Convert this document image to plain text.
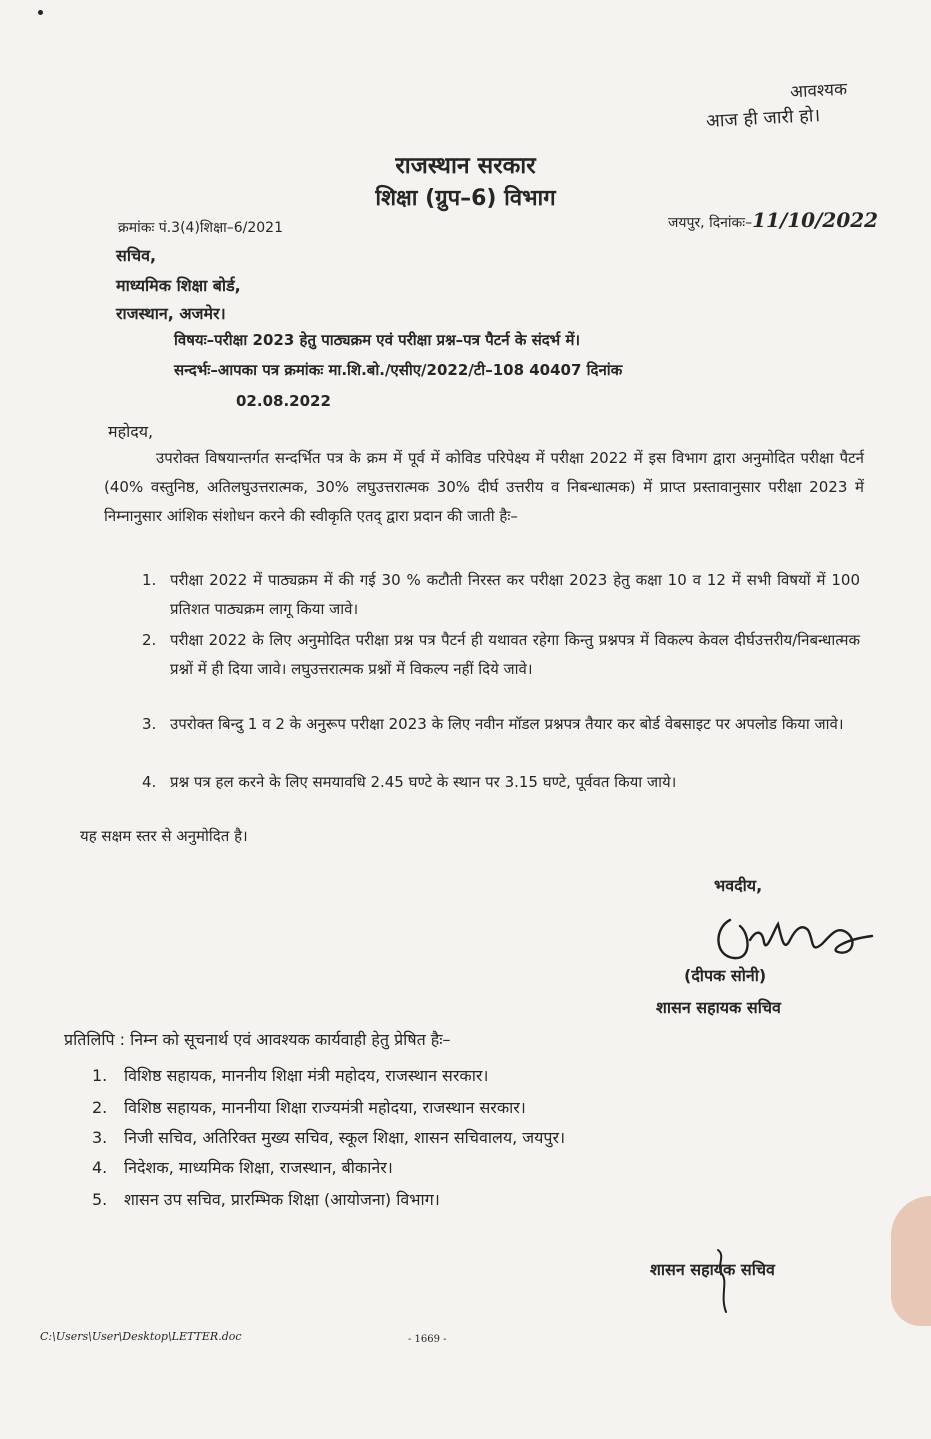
आवश्यक
आज ही जारी हो।
राजस्थान सरकार
शिक्षा (ग्रुप–6) विभाग
क्रमांकः पं.3(4)शिक्षा–6/2021	जयपुर, दिनांकः–11/10/2022
सचिव,
माध्यमिक शिक्षा बोर्ड,
राजस्थान, अजमेर।
विषयः–परीक्षा 2023 हेतु पाठ्यक्रम एवं परीक्षा प्रश्न–पत्र पैटर्न के संदर्भ में।
सन्दर्भः–आपका पत्र क्रमांकः मा.शि.बो./एसीए/2022/टी–108 40407 दिनांक
02.08.2022
महोदय,
उपरोक्त विषयान्तर्गत सन्दर्भित पत्र के क्रम में पूर्व में कोविड परिपेक्ष्य में परीक्षा 2022 में इस विभाग द्वारा अनुमोदित परीक्षा पैटर्न (40% वस्तुनिष्ठ, अतिलघुउत्तरात्मक, 30% लघुउत्तरात्मक 30% दीर्घ उत्तरीय व निबन्धात्मक) में प्राप्त प्रस्तावानुसार परीक्षा 2023 में निम्नानुसार आंशिक संशोधन करने की स्वीकृति एतद् द्वारा प्रदान की जाती हैः–
1. परीक्षा 2022 में पाठ्यक्रम में की गई 30 % कटौती निरस्त कर परीक्षा 2023 हेतु कक्षा 10 व 12 में सभी विषयों में 100 प्रतिशत पाठ्यक्रम लागू किया जावे।
2. परीक्षा 2022 के लिए अनुमोदित परीक्षा प्रश्न पत्र पैटर्न ही यथावत रहेगा किन्तु प्रश्नपत्र में विकल्प केवल दीर्घउत्तरीय/निबन्धात्मक प्रश्नों में ही दिया जावे। लघुउत्तरात्मक प्रश्नों में विकल्प नहीं दिये जावे।
3. उपरोक्त बिन्दु 1 व 2 के अनुरूप परीक्षा 2023 के लिए नवीन मॉडल प्रश्नपत्र तैयार कर बोर्ड वेबसाइट पर अपलोड किया जावे।
4. प्रश्न पत्र हल करने के लिए समयावधि 2.45 घण्टे के स्थान पर 3.15 घण्टे, पूर्ववत किया जाये।
यह सक्षम स्तर से अनुमोदित है।
भवदीय,
(दीपक सोनी)
शासन सहायक सचिव
प्रतिलिपि : निम्न को सूचनार्थ एवं आवश्यक कार्यवाही हेतु प्रेषित हैः–
1. विशिष्ठ सहायक, माननीय शिक्षा मंत्री महोदय, राजस्थान सरकार।
2. विशिष्ठ सहायक, माननीया शिक्षा राज्यमंत्री महोदया, राजस्थान सरकार।
3. निजी सचिव, अतिरिक्त मुख्य सचिव, स्कूल शिक्षा, शासन सचिवालय, जयपुर।
4. निदेशक, माध्यमिक शिक्षा, राजस्थान, बीकानेर।
5. शासन उप सचिव, प्रारम्भिक शिक्षा (आयोजना) विभाग।
शासन सहायक सचिव
C:\Users\User\Desktop\LETTER.doc	- 1669 -
